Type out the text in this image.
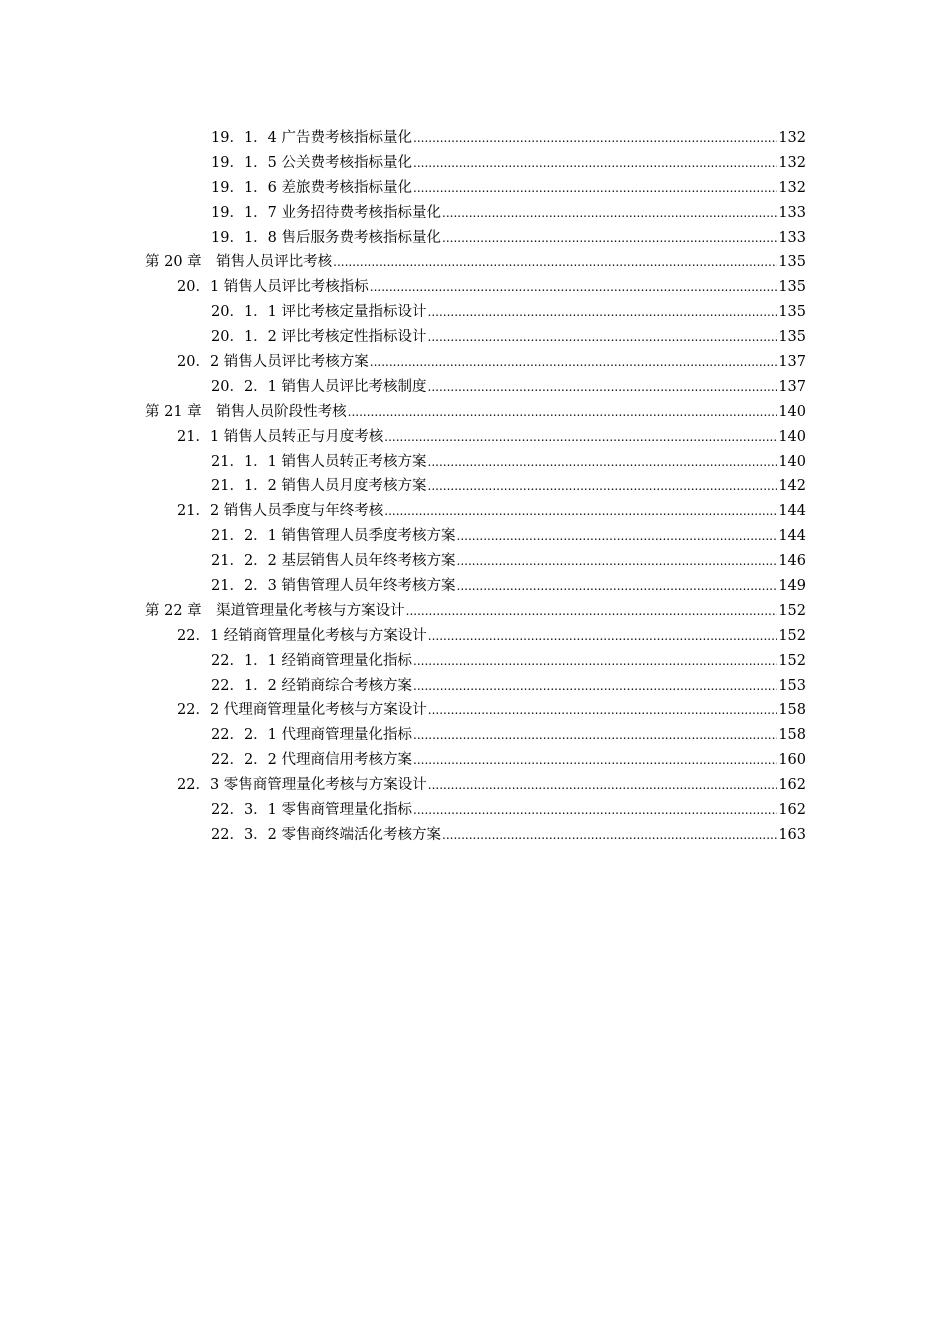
19．1．4 广告费考核指标量化 .....	132
19．1．5 公关费考核指标量化 .....	132
19．1．6 差旅费考核指标量化 .....	132
19．1．7 业务招待费考核指标量化 .....	133
19．1．8 售后服务费考核指标量化 .....	133
第 20 章　销售人员评比考核 .....	135
20．1 销售人员评比考核指标 .....	135
20．1．1 评比考核定量指标设计 .....	135
20．1．2 评比考核定性指标设计 .....	135
20．2 销售人员评比考核方案 .....	137
20．2．1 销售人员评比考核制度 .....	137
第 21 章　销售人员阶段性考核 .....	140
21．1 销售人员转正与月度考核 .....	140
21．1．1 销售人员转正考核方案 .....	140
21．1．2 销售人员月度考核方案 .....	142
21．2 销售人员季度与年终考核 .....	144
21．2．1 销售管理人员季度考核方案 .....	144
21．2．2 基层销售人员年终考核方案 .....	146
21．2．3 销售管理人员年终考核方案 .....	149
第 22 章　渠道管理量化考核与方案设计 .....	152
22．1 经销商管理量化考核与方案设计 .....	152
22．1．1 经销商管理量化指标 .....	152
22．1．2 经销商综合考核方案 .....	153
22．2 代理商管理量化考核与方案设计 .....	158
22．2．1 代理商管理量化指标 .....	158
22．2．2 代理商信用考核方案 .....	160
22．3 零售商管理量化考核与方案设计 .....	162
22．3．1 零售商管理量化指标 .....	162
22．3．2 零售商终端活化考核方案 .....	163
